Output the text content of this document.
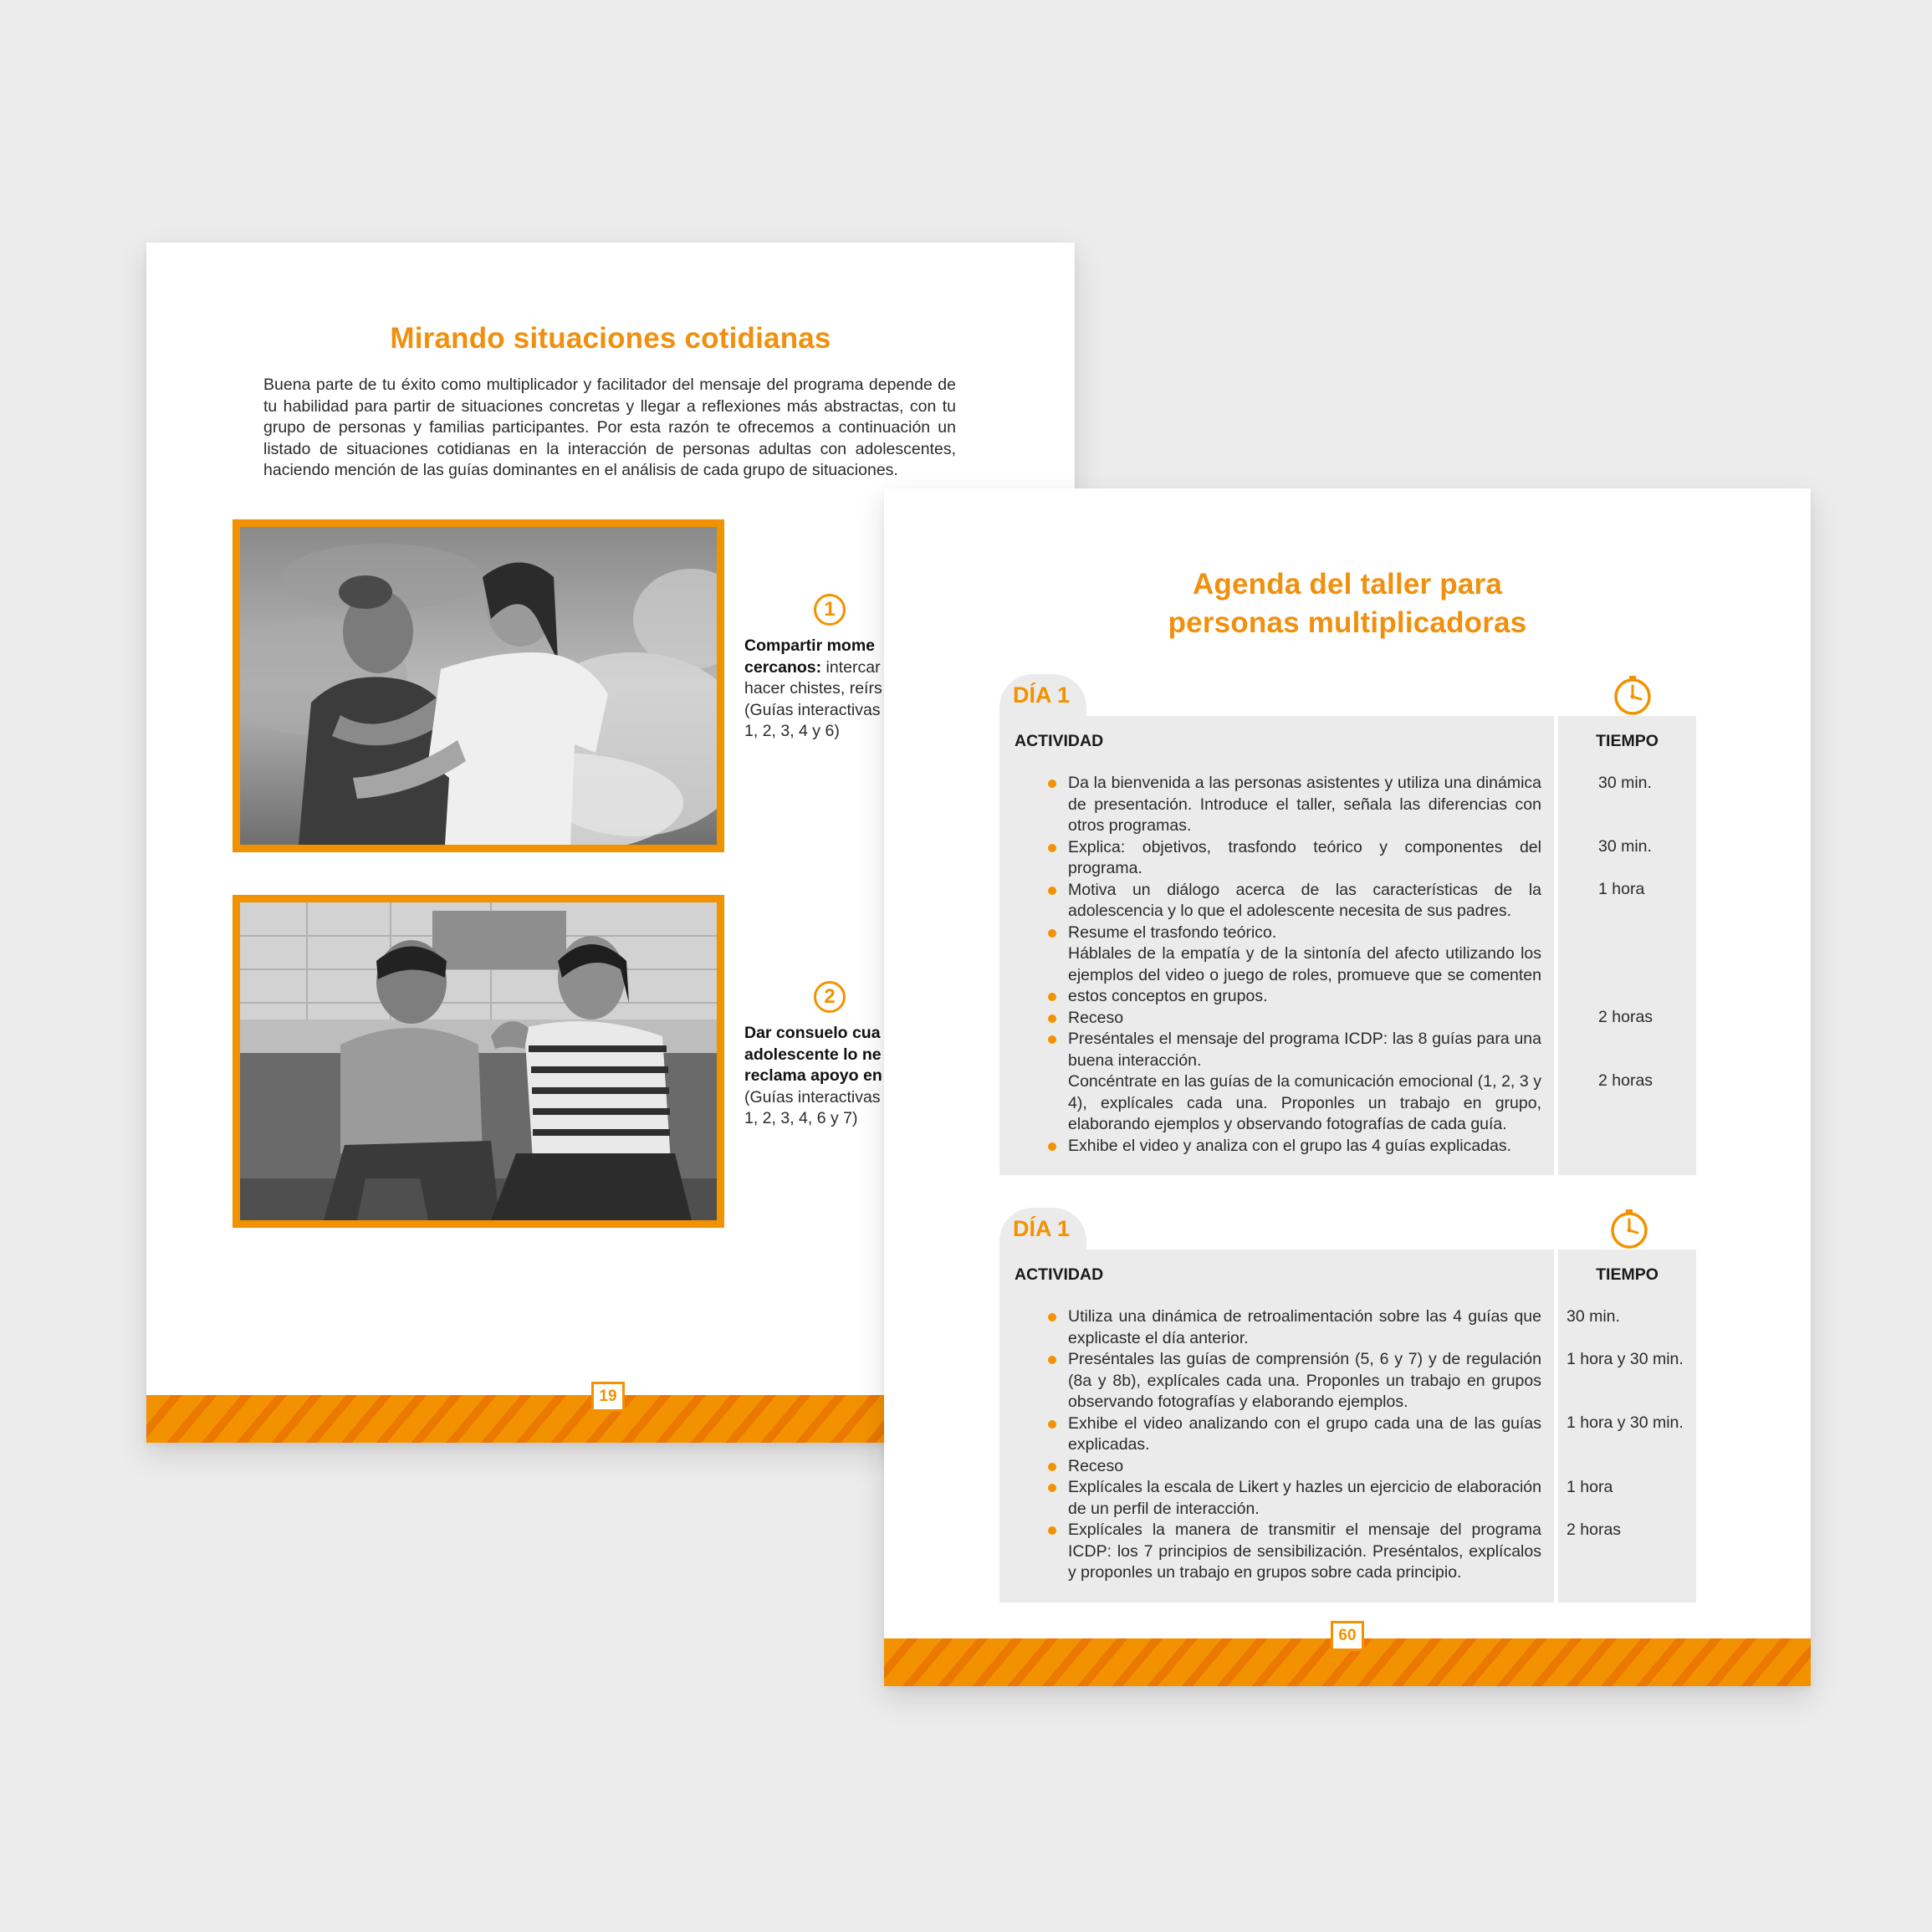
Mirando situaciones cotidianas
Buena parte de tu éxito como multiplicador y facilitador del mensaje del programa depende de tu habilidad para partir de situaciones concretas y llegar a reflexiones más abstractas, con tu grupo de personas y familias participantes. Por esta razón te ofrecemos a continuación un listado de situaciones cotidianas en la interacción de personas adultas con adolescentes, haciendo mención de las guías dominantes en el análisis de cada grupo de situaciones.
1
Compartir mome
cercanos: intercar
hacer chistes, reírs
(Guías interactivas
1, 2, 3, 4 y 6)
2
Dar consuelo cua
adolescente lo ne
reclama apoyo en
(Guías interactivas
1, 2, 3, 4, 6 y 7)
19
Agenda del taller para
personas multiplicadoras
DÍA 1
ACTIVIDAD
Da la bienvenida a las personas asistentes y utiliza una dinámica de presentación. Introduce el taller, señala las diferencias con otros programas.
Explica: objetivos, trasfondo teórico y componentes del programa.
Motiva un diálogo acerca de las características de la adolescencia y lo que el adolescente necesita de sus padres.
Resume el trasfondo teórico.
Háblales de la empatía y de la sintonía del afecto utilizando los ejemplos del video o juego de roles, promueve que se comenten estos conceptos en grupos.
Receso
Preséntales el mensaje del programa ICDP: las 8 guías para una buena interacción.
Concéntrate en las guías de la comunicación emocional (1, 2, 3 y 4), explícales cada una. Proponles un trabajo en grupo, elaborando ejemplos y observando fotografías de cada guía.
Exhibe el video y analiza con el grupo las 4 guías explicadas.
TIEMPO
30 min.
30 min.
1 hora
2 horas
2 horas
DÍA 1
ACTIVIDAD
Utiliza una dinámica de retroalimentación sobre las 4 guías que explicaste el día anterior.
Preséntales las guías de comprensión (5, 6 y 7) y de regulación (8a y 8b), explícales cada una. Proponles un trabajo en grupos observando fotografías y elaborando ejemplos.
Exhibe el video analizando con el grupo cada una de las guías explicadas.
Receso
Explícales la escala de Likert y hazles un ejercicio de elaboración de un perfil de interacción.
Explícales la manera de transmitir el mensaje del programa ICDP: los 7 principios de sensibilización. Preséntalos, explícalos y proponles un trabajo en grupos sobre cada principio.
TIEMPO
30 min.
1 hora y 30 min.
1 hora y 30 min.
1 hora
2 horas
60
